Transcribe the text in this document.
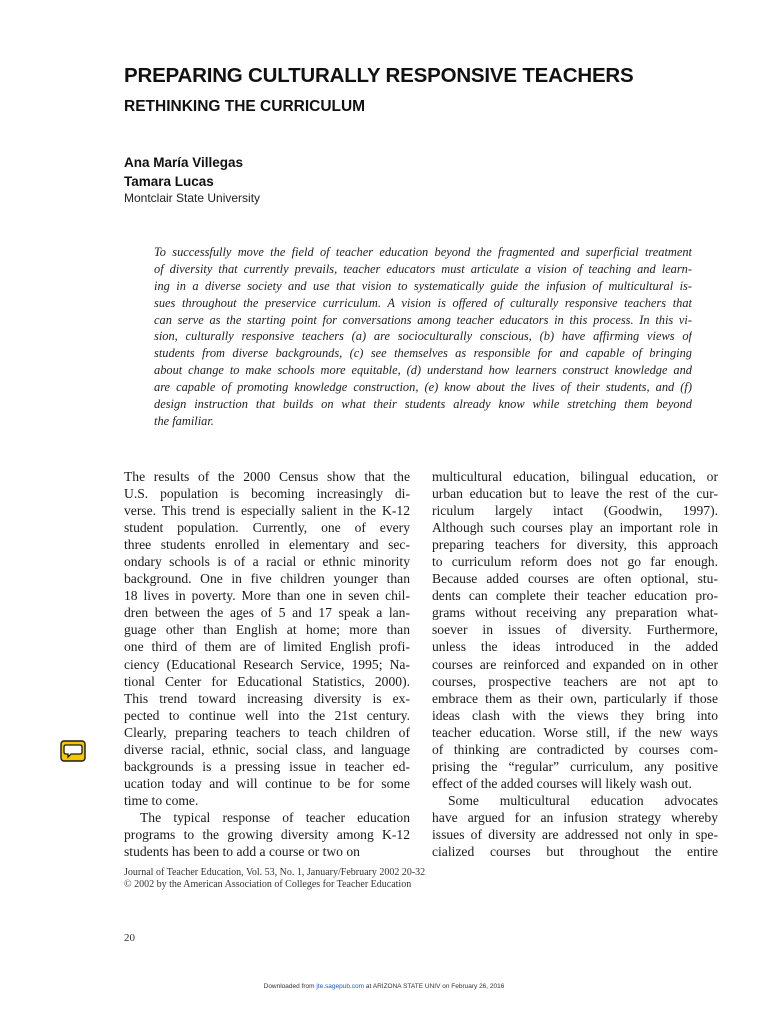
PREPARING CULTURALLY RESPONSIVE TEACHERS
RETHINKING THE CURRICULUM

Ana María Villegas

Tamara Lucas

Montclair State University

To successfully move the field of teacher education beyond the fragmented and superficial treatment
of diversity that currently prevails, teacher educators must articulate a vision of teaching and learn-
ing in a diverse society and use that vision to systematically guide the infusion of multicultural is-
sues throughout the preservice curriculum. A vision is offered of culturally responsive teachers that
can serve as the starting point for conversations among teacher educators in this process. In this vi-
sion, culturally responsive teachers (a) are socioculturally conscious, (b) have affirming views of
students from diverse backgrounds, (c) see themselves as responsible for and capable of bringing
about change to make schools more equitable, (d) understand how learners construct knowledge and
are capable of promoting knowledge construction, (e) know about the lives of their students, and (f)
design instruction that builds on what their students already know while stretching them beyond
the familiar.
The results of the 2000 Census show that the
U.S. population is becoming increasingly di-
verse. This trend is especially salient in the K-12
student population. Currently, one of every
three students enrolled in elementary and sec-
ondary schools is of a racial or ethnic minority
background. One in five children younger than
18 lives in poverty. More than one in seven chil-
dren between the ages of 5 and 17 speak a lan-
guage other than English at home; more than
one third of them are of limited English profi-
ciency (Educational Research Service, 1995; Na-
tional Center for Educational Statistics, 2000).
This trend toward increasing diversity is ex-
pected to continue well into the 21st century.
Clearly, preparing teachers to teach children of
diverse racial, ethnic, social class, and language
backgrounds is a pressing issue in teacher ed-
ucation today and will continue to be for some
time to come.
The typical response of teacher education
programs to the growing diversity among K-12
students has been to add a course or two on
multicultural education, bilingual education, or
urban education but to leave the rest of the cur-
riculum largely intact (Goodwin, 1997).
Although such courses play an important role in
preparing teachers for diversity, this approach
to curriculum reform does not go far enough.
Because added courses are often optional, stu-
dents can complete their teacher education pro-
grams without receiving any preparation what-
soever in issues of diversity. Furthermore,
unless the ideas introduced in the added
courses are reinforced and expanded on in other
courses, prospective teachers are not apt to
embrace them as their own, particularly if those
ideas clash with the views they bring into
teacher education. Worse still, if the new ways
of thinking are contradicted by courses com-
prising the “regular” curriculum, any positive
effect of the added courses will likely wash out.
Some multicultural education advocates
have argued for an infusion strategy whereby
issues of diversity are addressed not only in spe-
cialized courses but throughout the entire
Journal of Teacher Education, Vol. 53, No. 1, January/February 2002 20-32
© 2002 by the American Association of Colleges for Teacher Education
20
Downloaded from jte.sagepub.com at ARIZONA STATE UNIV on February 26, 2016
